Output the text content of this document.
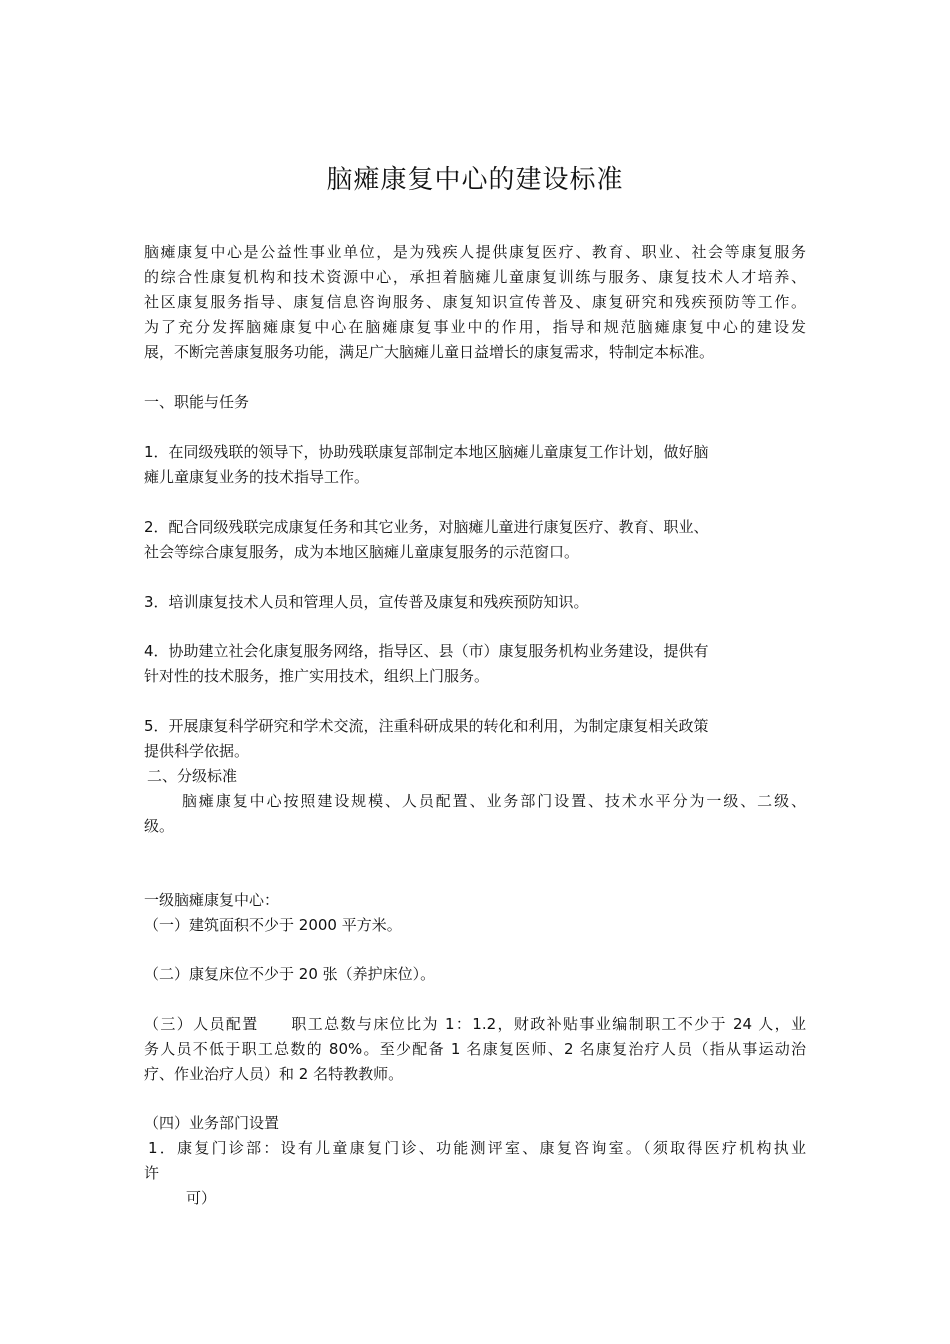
脑瘫康复中心的建设标准

脑瘫康复中心是公益性事业单位，是为残疾人提供康复医疗、教育、职业、社会等康复服务

的综合性康复机构和技术资源中心，承担着脑瘫儿童康复训练与服务、康复技术人才培养、

社区康复服务指导、康复信息咨询服务、康复知识宣传普及、康复研究和残疾预防等工作。

为了充分发挥脑瘫康复中心在脑瘫康复事业中的作用，指导和规范脑瘫康复中心的建设发

展，不断完善康复服务功能，满足广大脑瘫儿童日益增长的康复需求，特制定本标准。

一、职能与任务

1．在同级残联的领导下，协助残联康复部制定本地区脑瘫儿童康复工作计划，做好脑

瘫儿童康复业务的技术指导工作。

2．配合同级残联完成康复任务和其它业务，对脑瘫儿童进行康复医疗、教育、职业、

社会等综合康复服务，成为本地区脑瘫儿童康复服务的示范窗口。

3．培训康复技术人员和管理人员，宣传普及康复和残疾预防知识。

4．协助建立社会化康复服务网络，指导区、县（市）康复服务机构业务建设，提供有

针对性的技术服务，推广实用技术，组织上门服务。

5．开展康复科学研究和学术交流，注重科研成果的转化和利用，为制定康复相关政策

提供科学依据。

二、分级标准

脑瘫康复中心按照建设规模、人员配置、业务部门设置、技术水平分为一级、二级、

级。

一级脑瘫康复中心：

（一）建筑面积不少于 2000 平方米。

（二）康复床位不少于 20 张（养护床位）。

（三）人员配置　　职工总数与床位比为 1：1.2，财政补贴事业编制职工不少于 24 人，业

务人员不低于职工总数的 80%。至少配备 1 名康复医师、2 名康复治疗人员（指从事运动治

疗、作业治疗人员）和 2 名特教教师。

（四）业务部门设置

1．康复门诊部：设有儿童康复门诊、功能测评室、康复咨询室。（须取得医疗机构执业

许

可）
